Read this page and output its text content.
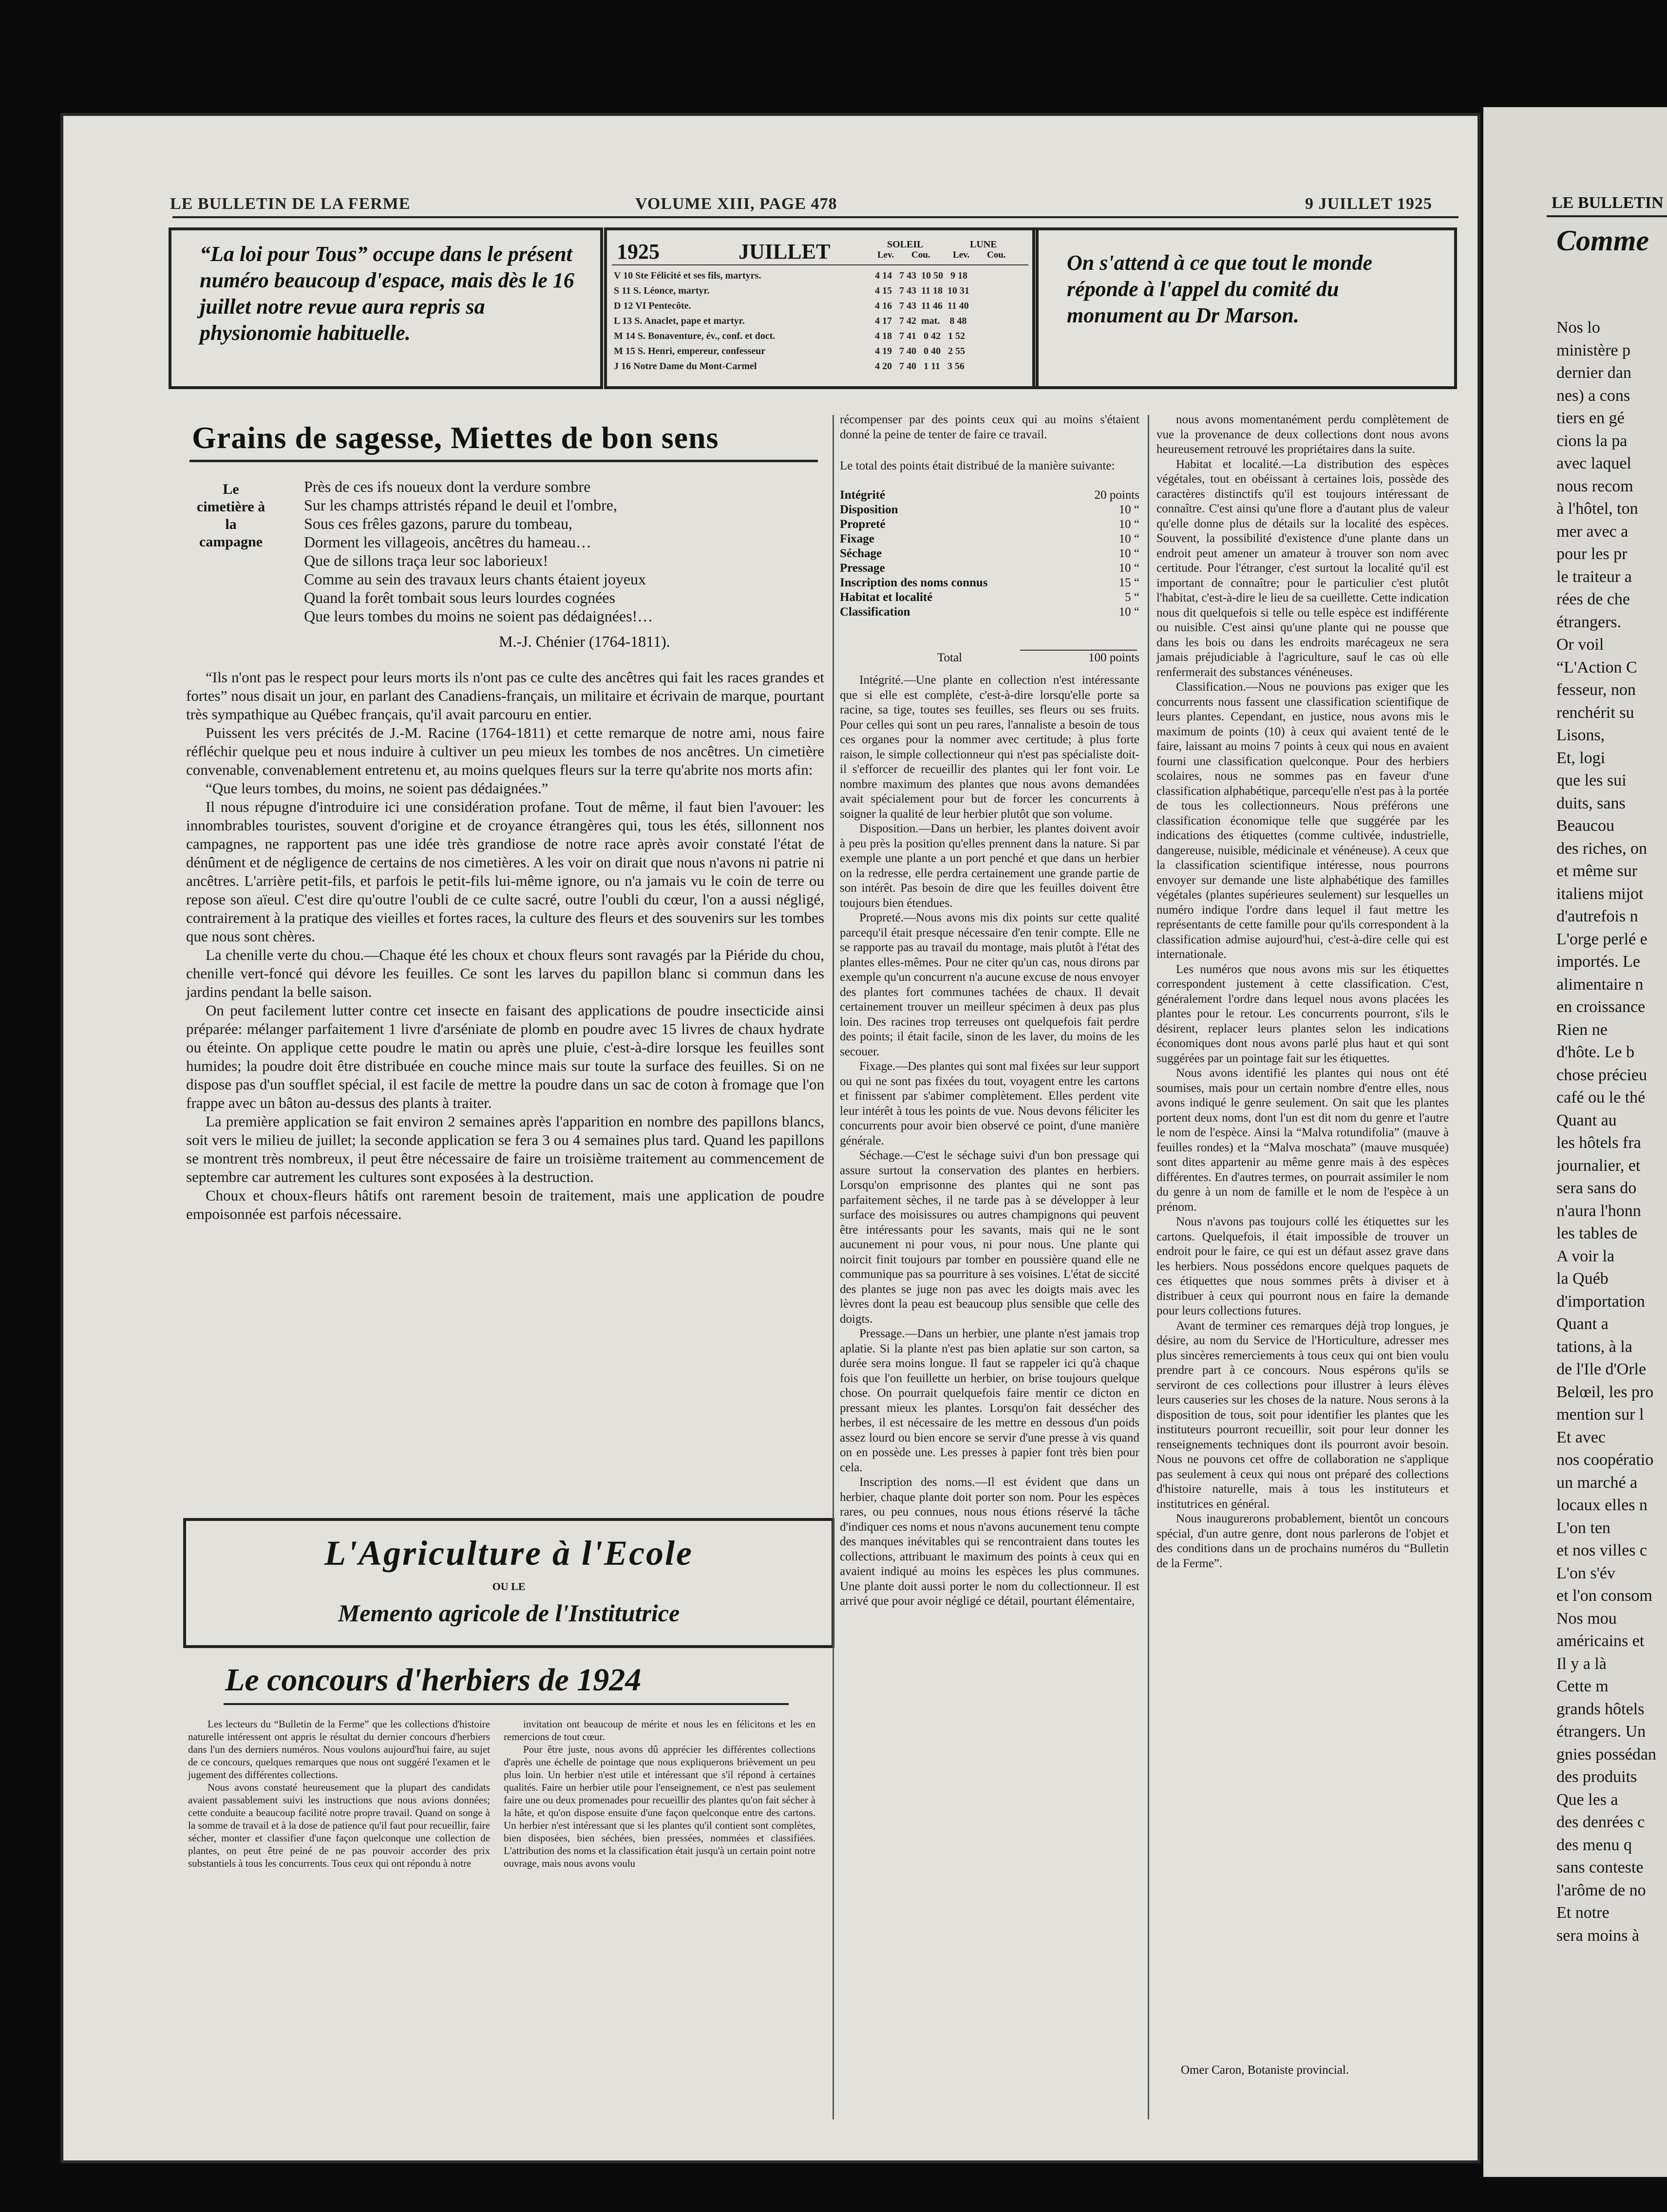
LE BULLETIN DE LA FERME	VOLUME XIII, PAGE 478	9 JUILLET 1925
“La loi pour Tous” occupe dans le présent numéro beaucoup d'espace, mais dès le 16 juillet notre revue aura repris sa physionomie habituelle.
1925	JUILLET	SOLEIL	LUNE
Lev. Cou. Lev. Cou.
V 10 Ste Félicité et ses fils, martyrs.	4 14   7 43  10 50   9 18
S 11 S. Léonce, martyr.	4 15   7 43  11 18  10 31
D 12 VI Pentecôte.	4 16   7 43  11 46  11 40
L 13 S. Anaclet, pape et martyr.	4 17   7 42  mat.    8 48
M 14 S. Bonaventure, év., conf. et doct.	4 18   7 41   0 42   1 52
M 15 S. Henri, empereur, confesseur	4 19   7 40   0 40   2 55
J 16 Notre Dame du Mont-Carmel	4 20   7 40   1 11   3 56
On s'attend à ce que tout le monde réponde à l'appel du comité du monument au Dr Marson.
Grains de sagesse, Miettes de bon sens
Le cimetière à la campagne
Près de ces ifs noueux dont la verdure sombre
Sur les champs attristés répand le deuil et l'ombre,
Sous ces frêles gazons, parure du tombeau,
Dorment les villageois, ancêtres du hameau…
Que de sillons traça leur soc laborieux!
Comme au sein des travaux leurs chants étaient joyeux
Quand la forêt tombait sous leurs lourdes cognées
Que leurs tombes du moins ne soient pas dédaignées!…
M.-J. Chénier (1764-1811).

“Ils n'ont pas le respect pour leurs morts ils n'ont pas ce culte des ancêtres qui fait les races grandes et fortes” nous disait un jour, en parlant des Canadiens-français, un militaire et écrivain de marque, pourtant très sympathique au Québec français, qu'il avait parcouru en entier.

Puissent les vers précités de J.-M. Racine (1764-1811) et cette remarque de notre ami, nous faire réfléchir quelque peu et nous induire à cultiver un peu mieux les tombes de nos ancêtres. Un cimetière convenable, convenablement entretenu et, au moins quelques fleurs sur la terre qu'abrite nos morts afin:

“Que leurs tombes, du moins, ne soient pas dédaignées.”

Il nous répugne d'introduire ici une considération profane. Tout de même, il faut bien l'avouer: les innombrables touristes, souvent d'origine et de croyance étrangères qui, tous les étés, sillonnent nos campagnes, ne rapportent pas une idée très grandiose de notre race après avoir constaté l'état de dénûment et de négligence de certains de nos cimetières. A les voir on dirait que nous n'avons ni patrie ni ancêtres. L'arrière petit-fils, et parfois le petit-fils lui-même ignore, ou n'a jamais vu le coin de terre ou repose son aïeul. C'est dire qu'outre l'oubli de ce culte sacré, outre l'oubli du cœur, l'on a aussi négligé, contrairement à la pratique des vieilles et fortes races, la culture des fleurs et des souvenirs sur les tombes que nous sont chères.

La chenille verte du chou.—Chaque été les choux et choux fleurs sont ravagés par la Piéride du chou, chenille vert-foncé qui dévore les feuilles. Ce sont les larves du papillon blanc si commun dans les jardins pendant la belle saison.

On peut facilement lutter contre cet insecte en faisant des applications de poudre insecticide ainsi préparée: mélanger parfaitement 1 livre d'arséniate de plomb en poudre avec 15 livres de chaux hydrate ou éteinte. On applique cette poudre le matin ou après une pluie, c'est-à-dire lorsque les feuilles sont humides; la poudre doit être distribuée en couche mince mais sur toute la surface des feuilles. Si on ne dispose pas d'un soufflet spécial, il est facile de mettre la poudre dans un sac de coton à fromage que l'on frappe avec un bâton au-dessus des plants à traiter.

La première application se fait environ 2 semaines après l'apparition en nombre des papillons blancs, soit vers le milieu de juillet; la seconde application se fera 3 ou 4 semaines plus tard. Quand les papillons se montrent très nombreux, il peut être nécessaire de faire un troisième traitement au commencement de septembre car autrement les cultures sont exposées à la destruction.

Choux et choux-fleurs hâtifs ont rarement besoin de traitement, mais une application de poudre empoisonnée est parfois nécessaire.

L'Agriculture à l'Ecole
OU LE
Memento agricole de l'Institutrice
Le concours d'herbiers de 1924

Les lecteurs du “Bulletin de la Ferme” que les collections d'histoire naturelle intéressent ont appris le résultat du dernier concours d'herbiers dans l'un des derniers numéros. Nous voulons aujourd'hui faire, au sujet de ce concours, quelques remarques que nous ont suggéré l'examen et le jugement des différentes collections.

Nous avons constaté heureusement que la plupart des candidats avaient passablement suivi les instructions que nous avions données; cette conduite a beaucoup facilité notre propre travail. Quand on songe à la somme de travail et à la dose de patience qu'il faut pour recueillir, faire sécher, monter et classifier d'une façon quelconque une collection de plantes, on peut être peiné de ne pas pouvoir accorder des prix substantiels à tous les concurrents. Tous ceux qui ont répondu à notre

invitation ont beaucoup de mérite et nous les en félicitons et les en remercions de tout cœur.

Pour être juste, nous avons dû apprécier les différentes collections d'après une échelle de pointage que nous expliquerons brièvement un peu plus loin. Un herbier n'est utile et intéressant que s'il répond à certaines qualités. Faire un herbier utile pour l'enseignement, ce n'est pas seulement faire une ou deux promenades pour recueillir des plantes qu'on fait sécher à la hâte, et qu'on dispose ensuite d'une façon quelconque entre des cartons. Un herbier n'est intéressant que si les plantes qu'il contient sont complètes, bien disposées, bien séchées, bien pressées, nommées et classifiées. L'attribution des noms et la classification était jusqu'à un certain point notre ouvrage, mais nous avons voulu

récompenser par des points ceux qui au moins s'étaient donné la peine de tenter de faire ce travail.
Le total des points était distribué de la manière suivante:
Intégrité	20 points
Disposition	10 “
Propreté	10 “
Fixage	10 “
Séchage	10 “
Pressage	10 “
Inscription des noms connus	15 “
Habitat et localité	5 “
Classification	10 “
Total	100 points

Intégrité.—Une plante en collection n'est intéressante que si elle est complète, c'est-à-dire lorsqu'elle porte sa racine, sa tige, toutes ses feuilles, ses fleurs ou ses fruits. Pour celles qui sont un peu rares, l'annaliste a besoin de tous ces organes pour la nommer avec certitude; à plus forte raison, le simple collectionneur qui n'est pas spécialiste doit-il s'efforcer de recueillir des plantes qui ler font voir. Le nombre maximum des plantes que nous avons demandées avait spécialement pour but de forcer les concurrents à soigner la qualité de leur herbier plutôt que son volume.

Disposition.—Dans un herbier, les plantes doivent avoir à peu près la position qu'elles prennent dans la nature. Si par exemple une plante a un port penché et que dans un herbier on la redresse, elle perdra certainement une grande partie de son intérêt. Pas besoin de dire que les feuilles doivent être toujours bien étendues.

Propreté.—Nous avons mis dix points sur cette qualité parcequ'il était presque nécessaire d'en tenir compte. Elle ne se rapporte pas au travail du montage, mais plutôt à l'état des plantes elles-mêmes. Pour ne citer qu'un cas, nous dirons par exemple qu'un concurrent n'a aucune excuse de nous envoyer des plantes fort communes tachées de chaux. Il devait certainement trouver un meilleur spécimen à deux pas plus loin. Des racines trop terreuses ont quelquefois fait perdre des points; il était facile, sinon de les laver, du moins de les secouer.

Fixage.—Des plantes qui sont mal fixées sur leur support ou qui ne sont pas fixées du tout, voyagent entre les cartons et finissent par s'abimer complètement. Elles perdent vite leur intérêt à tous les points de vue. Nous devons féliciter les concurrents pour avoir bien observé ce point, d'une manière générale.

Séchage.—C'est le séchage suivi d'un bon pressage qui assure surtout la conservation des plantes en herbiers. Lorsqu'on emprisonne des plantes qui ne sont pas parfaitement sèches, il ne tarde pas à se développer à leur surface des moisissures ou autres champignons qui peuvent être intéressants pour les savants, mais qui ne le sont aucunement ni pour vous, ni pour nous. Une plante qui noircit finit toujours par tomber en poussière quand elle ne communique pas sa pourriture à ses voisines. L'état de siccité des plantes se juge non pas avec les doigts mais avec les lèvres dont la peau est beaucoup plus sensible que celle des doigts.

Pressage.—Dans un herbier, une plante n'est jamais trop aplatie. Si la plante n'est pas bien aplatie sur son carton, sa durée sera moins longue. Il faut se rappeler ici qu'à chaque fois que l'on feuillette un herbier, on brise toujours quelque chose. On pourrait quelquefois faire mentir ce dicton en pressant mieux les plantes. Lorsqu'on fait dessécher des herbes, il est nécessaire de les mettre en dessous d'un poids assez lourd ou bien encore se servir d'une presse à vis quand on en possède une. Les presses à papier font très bien pour cela.

Inscription des noms.—Il est évident que dans un herbier, chaque plante doit porter son nom. Pour les espèces rares, ou peu connues, nous nous étions réservé la tâche d'indiquer ces noms et nous n'avons aucunement tenu compte des manques inévitables qui se rencontraient dans toutes les collections, attribuant le maximum des points à ceux qui en avaient indiqué au moins les espèces les plus communes. Une plante doit aussi porter le nom du collectionneur. Il est arrivé que pour avoir négligé ce détail, pourtant élémentaire,

nous avons momentanément perdu complètement de vue la provenance de deux collections dont nous avons heureusement retrouvé les propriétaires dans la suite.

Habitat et localité.—La distribution des espèces végétales, tout en obéissant à certaines lois, possède des caractères distinctifs qu'il est toujours intéressant de connaître. C'est ainsi qu'une flore a d'autant plus de valeur qu'elle donne plus de détails sur la localité des espèces. Souvent, la possibilité d'existence d'une plante dans un endroit peut amener un amateur à trouver son nom avec certitude. Pour l'étranger, c'est surtout la localité qu'il est important de connaître; pour le particulier c'est plutôt l'habitat, c'est-à-dire le lieu de sa cueillette. Cette indication nous dit quelquefois si telle ou telle espèce est indifférente ou nuisible. C'est ainsi qu'une plante qui ne pousse que dans les bois ou dans les endroits marécageux ne sera jamais préjudiciable à l'agriculture, sauf le cas où elle renfermerait des substances vénéneuses.

Classification.—Nous ne pouvions pas exiger que les concurrents nous fassent une classification scientifique de leurs plantes. Cependant, en justice, nous avons mis le maximum de points (10) à ceux qui avaient tenté de le faire, laissant au moins 7 points à ceux qui nous en avaient fourni une classification quelconque. Pour des herbiers scolaires, nous ne sommes pas en faveur d'une classification alphabétique, parcequ'elle n'est pas à la portée de tous les collectionneurs. Nous préférons une classification économique telle que suggérée par les indications des étiquettes (comme cultivée, industrielle, dangereuse, nuisible, médicinale et vénéneuse). A ceux que la classification scientifique intéresse, nous pourrons envoyer sur demande une liste alphabétique des familles végétales (plantes supérieures seulement) sur lesquelles un numéro indique l'ordre dans lequel il faut mettre les représentants de cette famille pour qu'ils correspondent à la classification admise aujourd'hui, c'est-à-dire celle qui est internationale.

Les numéros que nous avons mis sur les étiquettes correspondent justement à cette classification. C'est, généralement l'ordre dans lequel nous avons placées les plantes pour le retour. Les concurrents pourront, s'ils le désirent, replacer leurs plantes selon les indications économiques dont nous avons parlé plus haut et qui sont suggérées par un pointage fait sur les étiquettes.

Nous avons identifié les plantes qui nous ont été soumises, mais pour un certain nombre d'entre elles, nous avons indiqué le genre seulement. On sait que les plantes portent deux noms, dont l'un est dit nom du genre et l'autre le nom de l'espèce. Ainsi la “Malva rotundifolia” (mauve à feuilles rondes) et la “Malva moschata” (mauve musquée) sont dites appartenir au même genre mais à des espèces différentes. En d'autres termes, on pourrait assimiler le nom du genre à un nom de famille et le nom de l'espèce à un prénom.

Nous n'avons pas toujours collé les étiquettes sur les cartons. Quelquefois, il était impossible de trouver un endroit pour le faire, ce qui est un défaut assez grave dans les herbiers. Nous possédons encore quelques paquets de ces étiquettes que nous sommes prêts à diviser et à distribuer à ceux qui pourront nous en faire la demande pour leurs collections futures.

Avant de terminer ces remarques déjà trop longues, je désire, au nom du Service de l'Horticulture, adresser mes plus sincères remerciements à tous ceux qui ont bien voulu prendre part à ce concours. Nous espérons qu'ils se serviront de ces collections pour illustrer à leurs élèves leurs causeries sur les choses de la nature. Nous serons à la disposition de tous, soit pour identifier les plantes que les instituteurs pourront recueillir, soit pour leur donner les renseignements techniques dont ils pourront avoir besoin. Nous ne pouvons cet offre de collaboration ne s'applique pas seulement à ceux qui nous ont préparé des collections d'histoire naturelle, mais à tous les instituteurs et institutrices en général.

Nous inaugurerons probablement, bientôt un concours spécial, d'un autre genre, dont nous parlerons de l'objet et des conditions dans un de prochains numéros du “Bulletin de la Ferme”.

Omer Caron, Botaniste provincial.
LE BULLETIN
Comme
Nos lo
ministère p
dernier dan
nes) a cons
tiers en gé
cions la pa
avec laquel
nous recom
à l'hôtel, ton
mer avec a
pour les pr
le traiteur a
rées de che
étrangers.
Or voil
“L'Action C
fesseur, non
renchérit su
Lisons,
Et, logi
que les sui
duits, sans
Beaucou
des riches, on
et même sur
italiens mijot
d'autrefois n
L'orge perlé e
importés. Le
alimentaire n
en croissance
Rien ne
d'hôte. Le b
chose précieu
café ou le thé
Quant au
les hôtels fra
journalier, et
sera sans do
n'aura l'honn
les tables de
A voir la
la Québ
d'importation
Quant a
tations, à la
de l'Ile d'Orle
Belœil, les pro
mention sur l
Et avec
nos coopératio
un marché a
locaux elles n
L'on ten
et nos villes c
L'on s'év
et l'on consom
Nos mou
américains et
Il y a là
Cette m
grands hôtels
étrangers. Un
gnies possédan
des produits
Que les a
des denrées c
des menu q
sans conteste
l'arôme de no
Et notre
sera moins à
